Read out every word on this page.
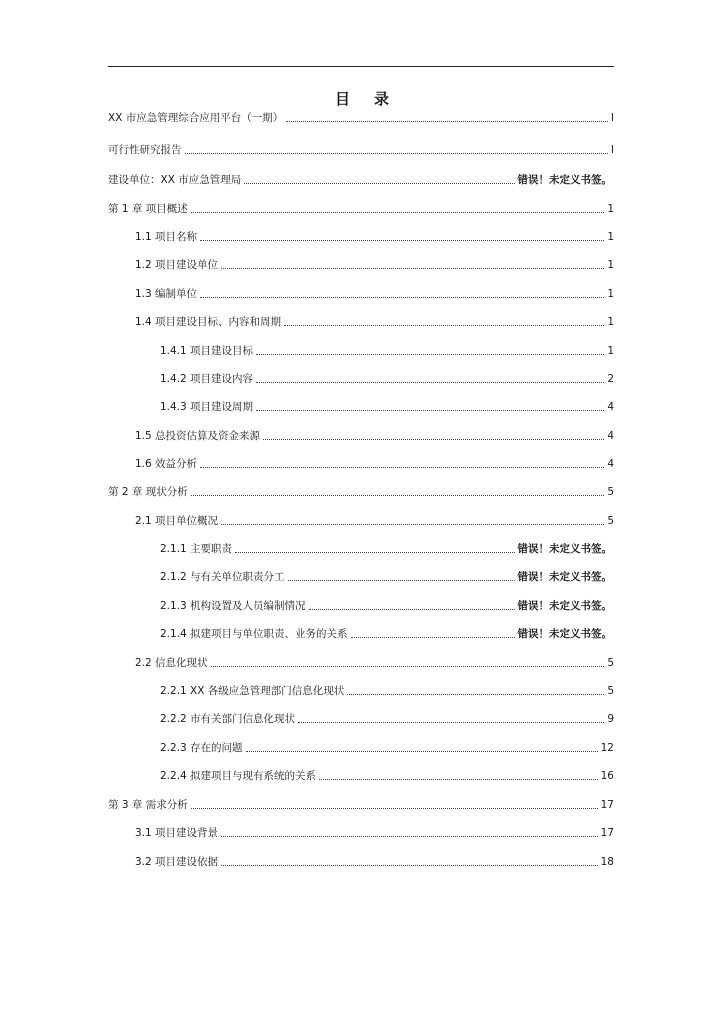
目 录
XX 市应急管理综合应用平台（一期）	I
可行性研究报告	I
建设单位：XX 市应急管理局	错误！未定义书签。
第 1 章 项目概述	1
1.1 项目名称	1
1.2 项目建设单位	1
1.3 编制单位	1
1.4 项目建设目标、内容和周期	1
1.4.1 项目建设目标	1
1.4.2 项目建设内容	2
1.4.3 项目建设周期	4
1.5 总投资估算及资金来源	4
1.6 效益分析	4
第 2 章 现状分析	5
2.1 项目单位概况	5
2.1.1 主要职责	错误！未定义书签。
2.1.2 与有关单位职责分工	错误！未定义书签。
2.1.3 机构设置及人员编制情况	错误！未定义书签。
2.1.4 拟建项目与单位职责、业务的关系	错误！未定义书签。
2.2 信息化现状	5
2.2.1 XX 各级应急管理部门信息化现状	5
2.2.2 市有关部门信息化现状	9
2.2.3 存在的问题	12
2.2.4 拟建项目与现有系统的关系	16
第 3 章 需求分析	17
3.1 项目建设背景	17
3.2 项目建设依据	18
